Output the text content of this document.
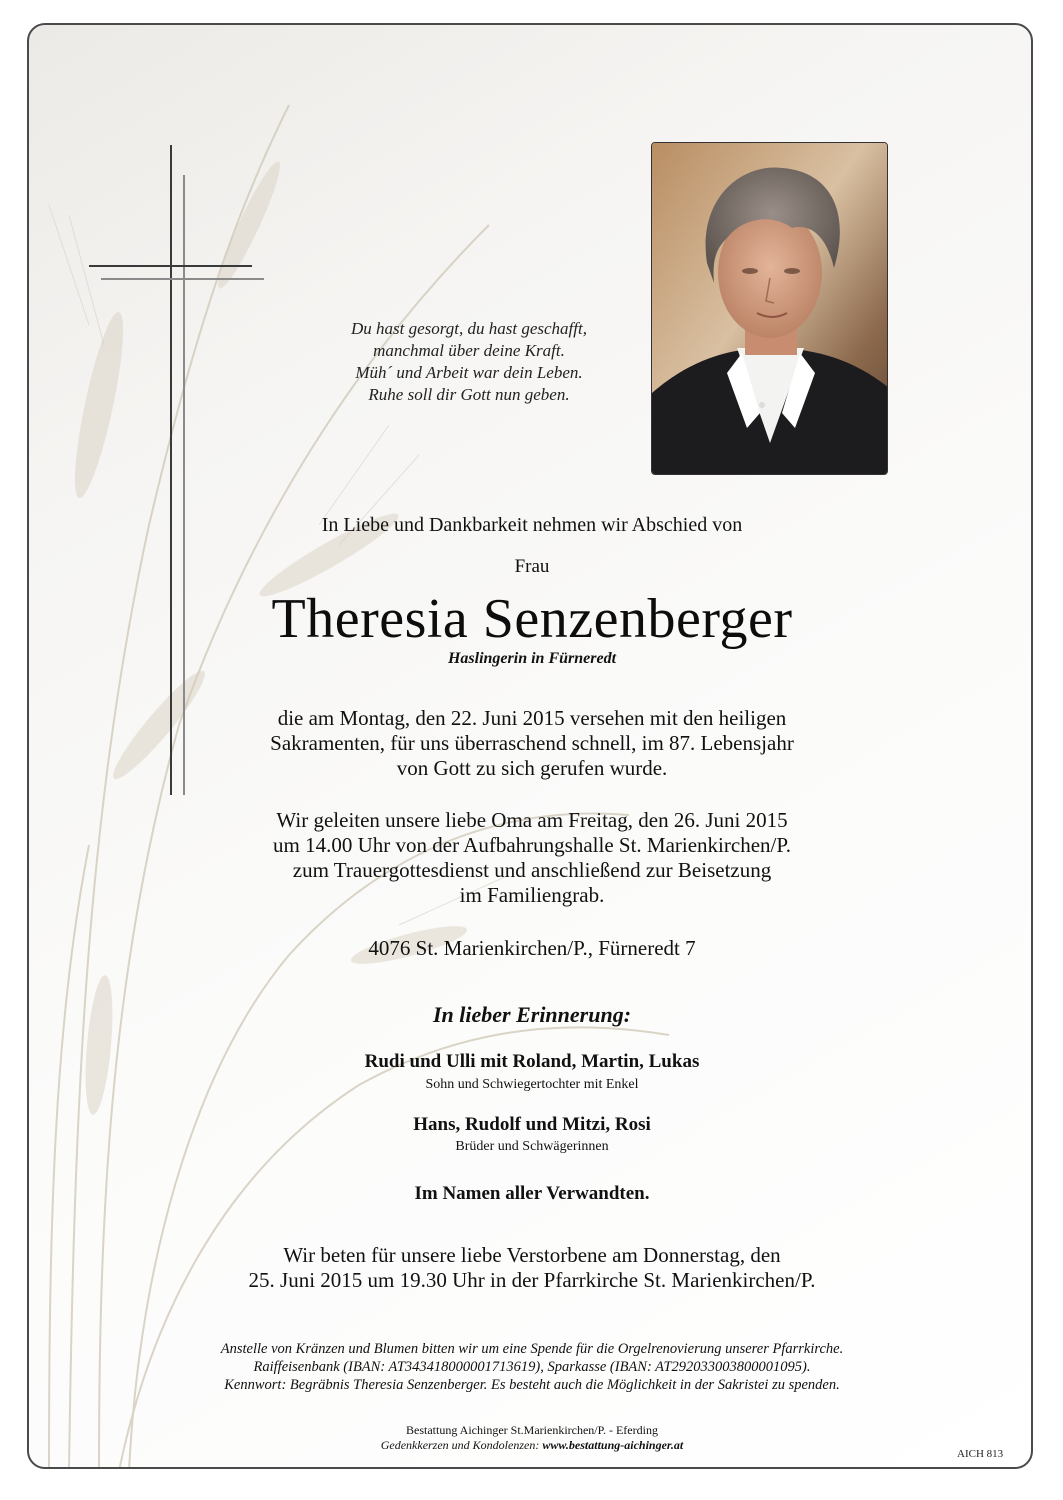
Du hast gesorgt, du hast geschafft,
manchmal über deine Kraft.
Müh´ und Arbeit war dein Leben.
Ruhe soll dir Gott nun geben.
In Liebe und Dankbarkeit nehmen wir Abschied von
Frau
Theresia Senzenberger
Haslingerin in Fürneredt
die am Montag, den 22. Juni 2015 versehen mit den heiligen
Sakramenten, für uns überraschend schnell, im 87. Lebensjahr
von Gott zu sich gerufen wurde.
Wir geleiten unsere liebe Oma am Freitag, den 26. Juni 2015
um 14.00 Uhr von der Aufbahrungshalle St. Marienkirchen/P.
zum Trauergottesdienst und anschließend zur Beisetzung
im Familiengrab.
4076 St. Marienkirchen/P., Fürneredt 7
In lieber Erinnerung:
Rudi und Ulli mit Roland, Martin, Lukas
Sohn und Schwiegertochter mit Enkel
Hans, Rudolf und Mitzi, Rosi
Brüder und Schwägerinnen
Im Namen aller Verwandten.
Wir beten für unsere liebe Verstorbene am Donnerstag, den
25. Juni 2015 um 19.30 Uhr in der Pfarrkirche St. Marienkirchen/P.
Anstelle von Kränzen und Blumen bitten wir um eine Spende für die Orgelrenovierung unserer Pfarrkirche.
Raiffeisenbank (IBAN: AT343418000001713619), Sparkasse (IBAN: AT292033003800001095).
Kennwort: Begräbnis Theresia Senzenberger. Es besteht auch die Möglichkeit in der Sakristei zu spenden.
Bestattung Aichinger St.Marienkirchen/P. - Eferding
Gedenkkerzen und Kondolenzen: www.bestattung-aichinger.at
AICH 813
